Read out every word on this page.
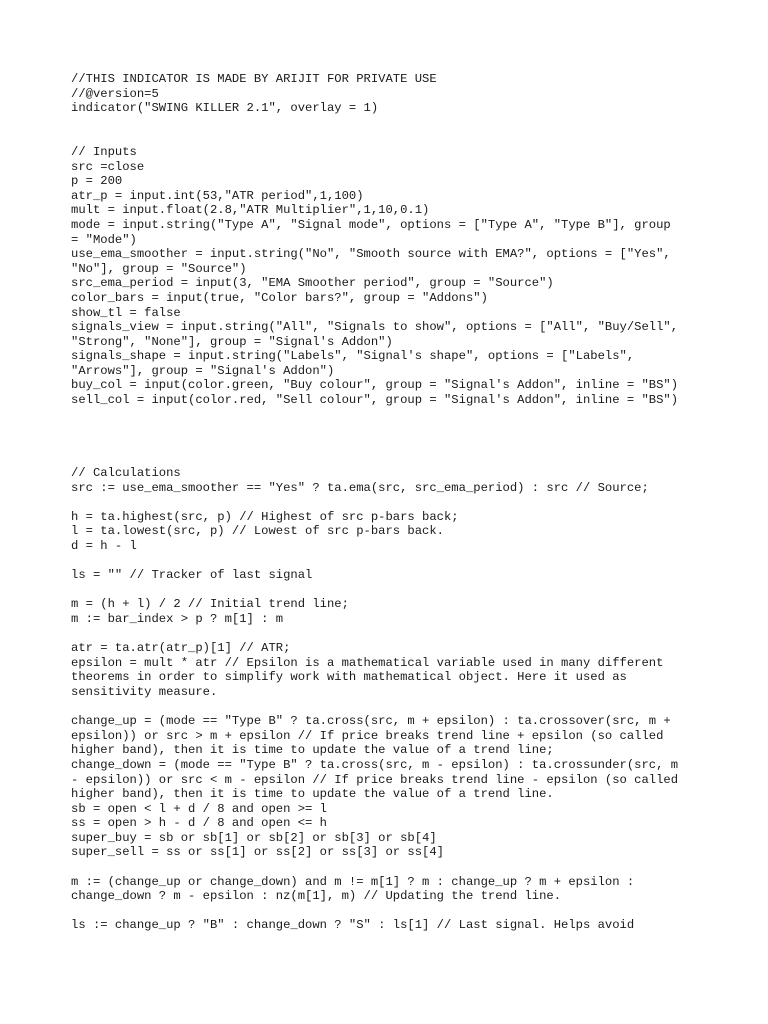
//THIS INDICATOR IS MADE BY ARIJIT FOR PRIVATE USE
//@version=5
indicator("SWING KILLER 2.1", overlay = 1)
// Inputs
src =close
p = 200
atr_p = input.int(53,"ATR period",1,100)
mult = input.float(2.8,"ATR Multiplier",1,10,0.1)
mode = input.string("Type A", "Signal mode", options = ["Type A", "Type B"], group
= "Mode")
use_ema_smoother = input.string("No", "Smooth source with EMA?", options = ["Yes",
"No"], group = "Source")
src_ema_period = input(3, "EMA Smoother period", group = "Source")
color_bars = input(true, "Color bars?", group = "Addons")
show_tl = false
signals_view = input.string("All", "Signals to show", options = ["All", "Buy/Sell",
"Strong", "None"], group = "Signal's Addon")
signals_shape = input.string("Labels", "Signal's shape", options = ["Labels",
"Arrows"], group = "Signal's Addon")
buy_col = input(color.green, "Buy colour", group = "Signal's Addon", inline = "BS")
sell_col = input(color.red, "Sell colour", group = "Signal's Addon", inline = "BS")
// Calculations
src := use_ema_smoother == "Yes" ? ta.ema(src, src_ema_period) : src // Source;
h = ta.highest(src, p) // Highest of src p-bars back;
l = ta.lowest(src, p) // Lowest of src p-bars back.
d = h - l
ls = "" // Tracker of last signal
m = (h + l) / 2 // Initial trend line;
m := bar_index > p ? m[1] : m
atr = ta.atr(atr_p)[1] // ATR;
epsilon = mult * atr // Epsilon is a mathematical variable used in many different
theorems in order to simplify work with mathematical object. Here it used as
sensitivity measure.
change_up = (mode == "Type B" ? ta.cross(src, m + epsilon) : ta.crossover(src, m +
epsilon)) or src > m + epsilon // If price breaks trend line + epsilon (so called
higher band), then it is time to update the value of a trend line;
change_down = (mode == "Type B" ? ta.cross(src, m - epsilon) : ta.crossunder(src, m
- epsilon)) or src < m - epsilon // If price breaks trend line - epsilon (so called
higher band), then it is time to update the value of a trend line.
sb = open < l + d / 8 and open >= l
ss = open > h - d / 8 and open <= h
super_buy = sb or sb[1] or sb[2] or sb[3] or sb[4]
super_sell = ss or ss[1] or ss[2] or ss[3] or ss[4]
m := (change_up or change_down) and m != m[1] ? m : change_up ? m + epsilon :
change_down ? m - epsilon : nz(m[1], m) // Updating the trend line.
ls := change_up ? "B" : change_down ? "S" : ls[1] // Last signal. Helps avoid
